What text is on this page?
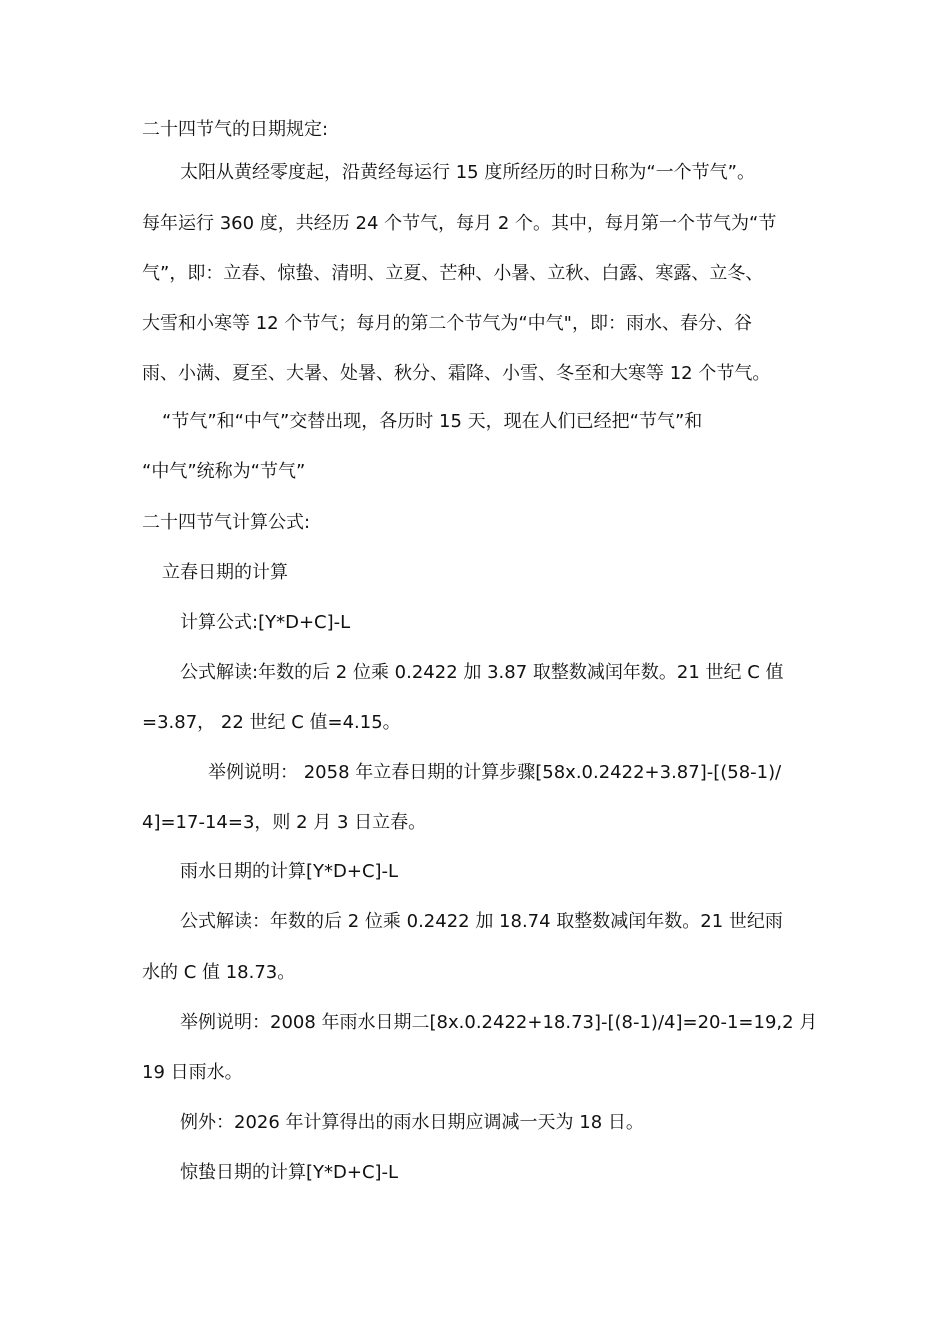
二十四节气的日期规定:
太阳从黄经零度起，沿黄经每运行 15 度所经历的时日称为“一个节气”。
每年运行 360 度，共经历 24 个节气，每月 2 个。其中，每月第一个节气为“节
气”，即：立春、惊蛰、清明、立夏、芒种、小暑、立秋、白露、寒露、立冬、
大雪和小寒等 12 个节气；每月的第二个节气为“中气"，即：雨水、春分、谷
雨、小满、夏至、大暑、处暑、秋分、霜降、小雪、冬至和大寒等 12 个节气。
“节气”和“中气”交替出现，各历时 15 天，现在人们已经把“节气”和
“中气”统称为“节气”
二十四节气计算公式:
立春日期的计算
计算公式:[Y*D+C]-L
公式解读:年数的后 2 位乘 0.2422 加 3.87 取整数减闰年数。21 世纪 C 值
=3.87， 22 世纪 C 值=4.15。
举例说明： 2058 年立春日期的计算步骤[58x.0.2422+3.87]-[(58-1)/
4]=17-14=3，则 2 月 3 日立春。
雨水日期的计算[Y*D+C]-L
公式解读：年数的后 2 位乘 0.2422 加 18.74 取整数减闰年数。21 世纪雨
水的 C 值 18.73。
举例说明：2008 年雨水日期二[8x.0.2422+18.73]-[(8-1)/4]=20-1=19,2 月
19 日雨水。
例外：2026 年计算得出的雨水日期应调减一天为 18 日。
惊蛰日期的计算[Y*D+C]-L
